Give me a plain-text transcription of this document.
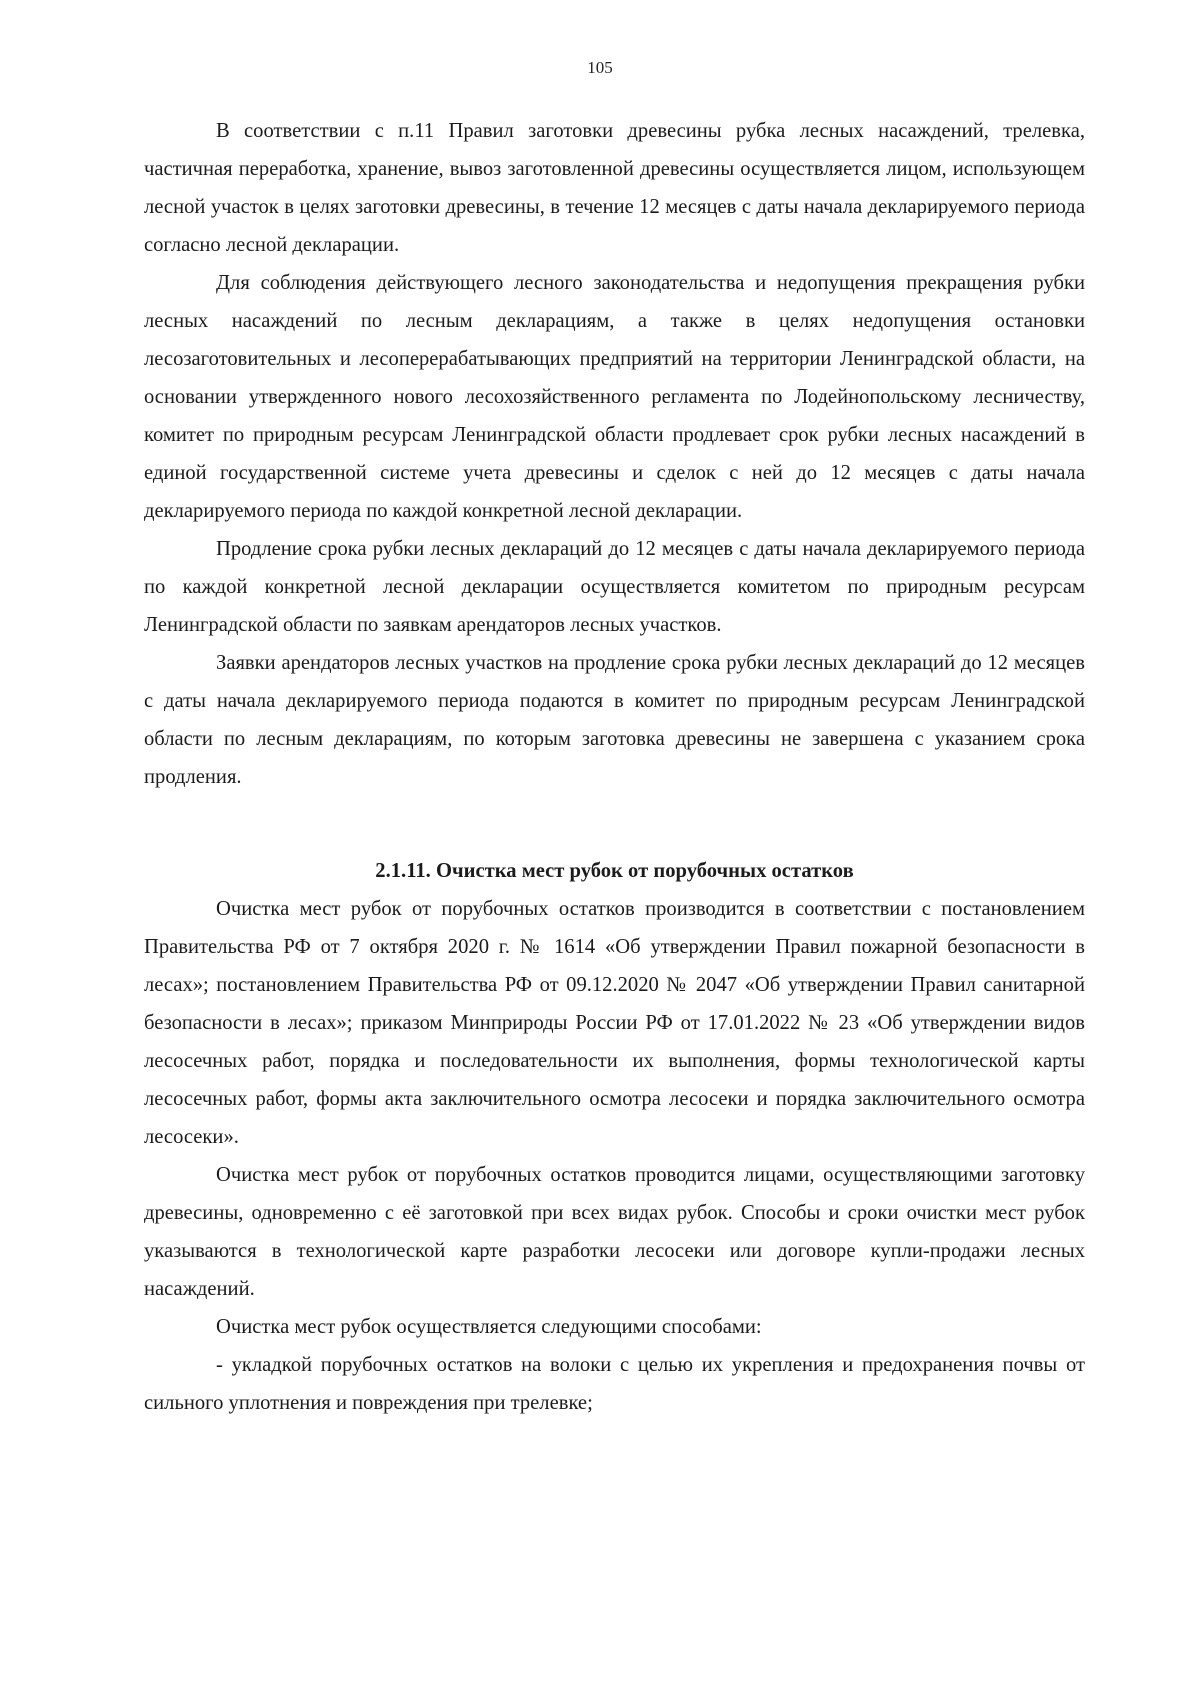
105

В соответствии с п.11 Правил заготовки древесины рубка лесных насаждений, трелевка, частичная переработка, хранение, вывоз заготовленной древесины осуществляется лицом, использующем лесной участок в целях заготовки древесины, в течение 12 месяцев с даты начала декларируемого периода согласно лесной декларации.

Для соблюдения действующего лесного законодательства и недопущения прекращения рубки лесных насаждений по лесным декларациям, а также в целях недопущения остановки лесозаготовительных и лесоперерабатывающих предприятий на территории Ленинградской области, на основании утвержденного нового лесохозяйственного регламента по Лодейнопольскому лесничеству, комитет по природным ресурсам Ленинградской области продлевает срок рубки лесных насаждений в единой государственной системе учета древесины и сделок с ней до 12 месяцев с даты начала декларируемого периода по каждой конкретной лесной декларации.

Продление срока рубки лесных деклараций до 12 месяцев с даты начала декларируемого периода по каждой конкретной лесной декларации осуществляется комитетом по природным ресурсам Ленинградской области по заявкам арендаторов лесных участков.

Заявки арендаторов лесных участков на продление срока рубки лесных деклараций до 12 месяцев с даты начала декларируемого периода подаются в комитет по природным ресурсам Ленинградской области по лесным декларациям, по которым заготовка древесины не завершена с указанием срока продления.

2.1.11. Очистка мест рубок от порубочных остатков

Очистка мест рубок от порубочных остатков производится в соответствии с постановлением Правительства РФ от 7 октября 2020 г. № 1614 «Об утверждении Правил пожарной безопасности в лесах»; постановлением Правительства РФ от 09.12.2020 № 2047 «Об утверждении Правил санитарной безопасности в лесах»; приказом Минприроды России РФ от 17.01.2022 № 23 «Об утверждении видов лесосечных работ, порядка и последовательности их выполнения, формы технологической карты лесосечных работ, формы акта заключительного осмотра лесосеки и порядка заключительного осмотра лесосеки».

Очистка мест рубок от порубочных остатков проводится лицами, осуществляющими заготовку древесины, одновременно с её заготовкой при всех видах рубок. Способы и сроки очистки мест рубок указываются в технологической карте разработки лесосеки или договоре купли-продажи лесных насаждений.

Очистка мест рубок осуществляется следующими способами:

- укладкой порубочных остатков на волоки с целью их укрепления и предохранения почвы от сильного уплотнения и повреждения при трелевке;
